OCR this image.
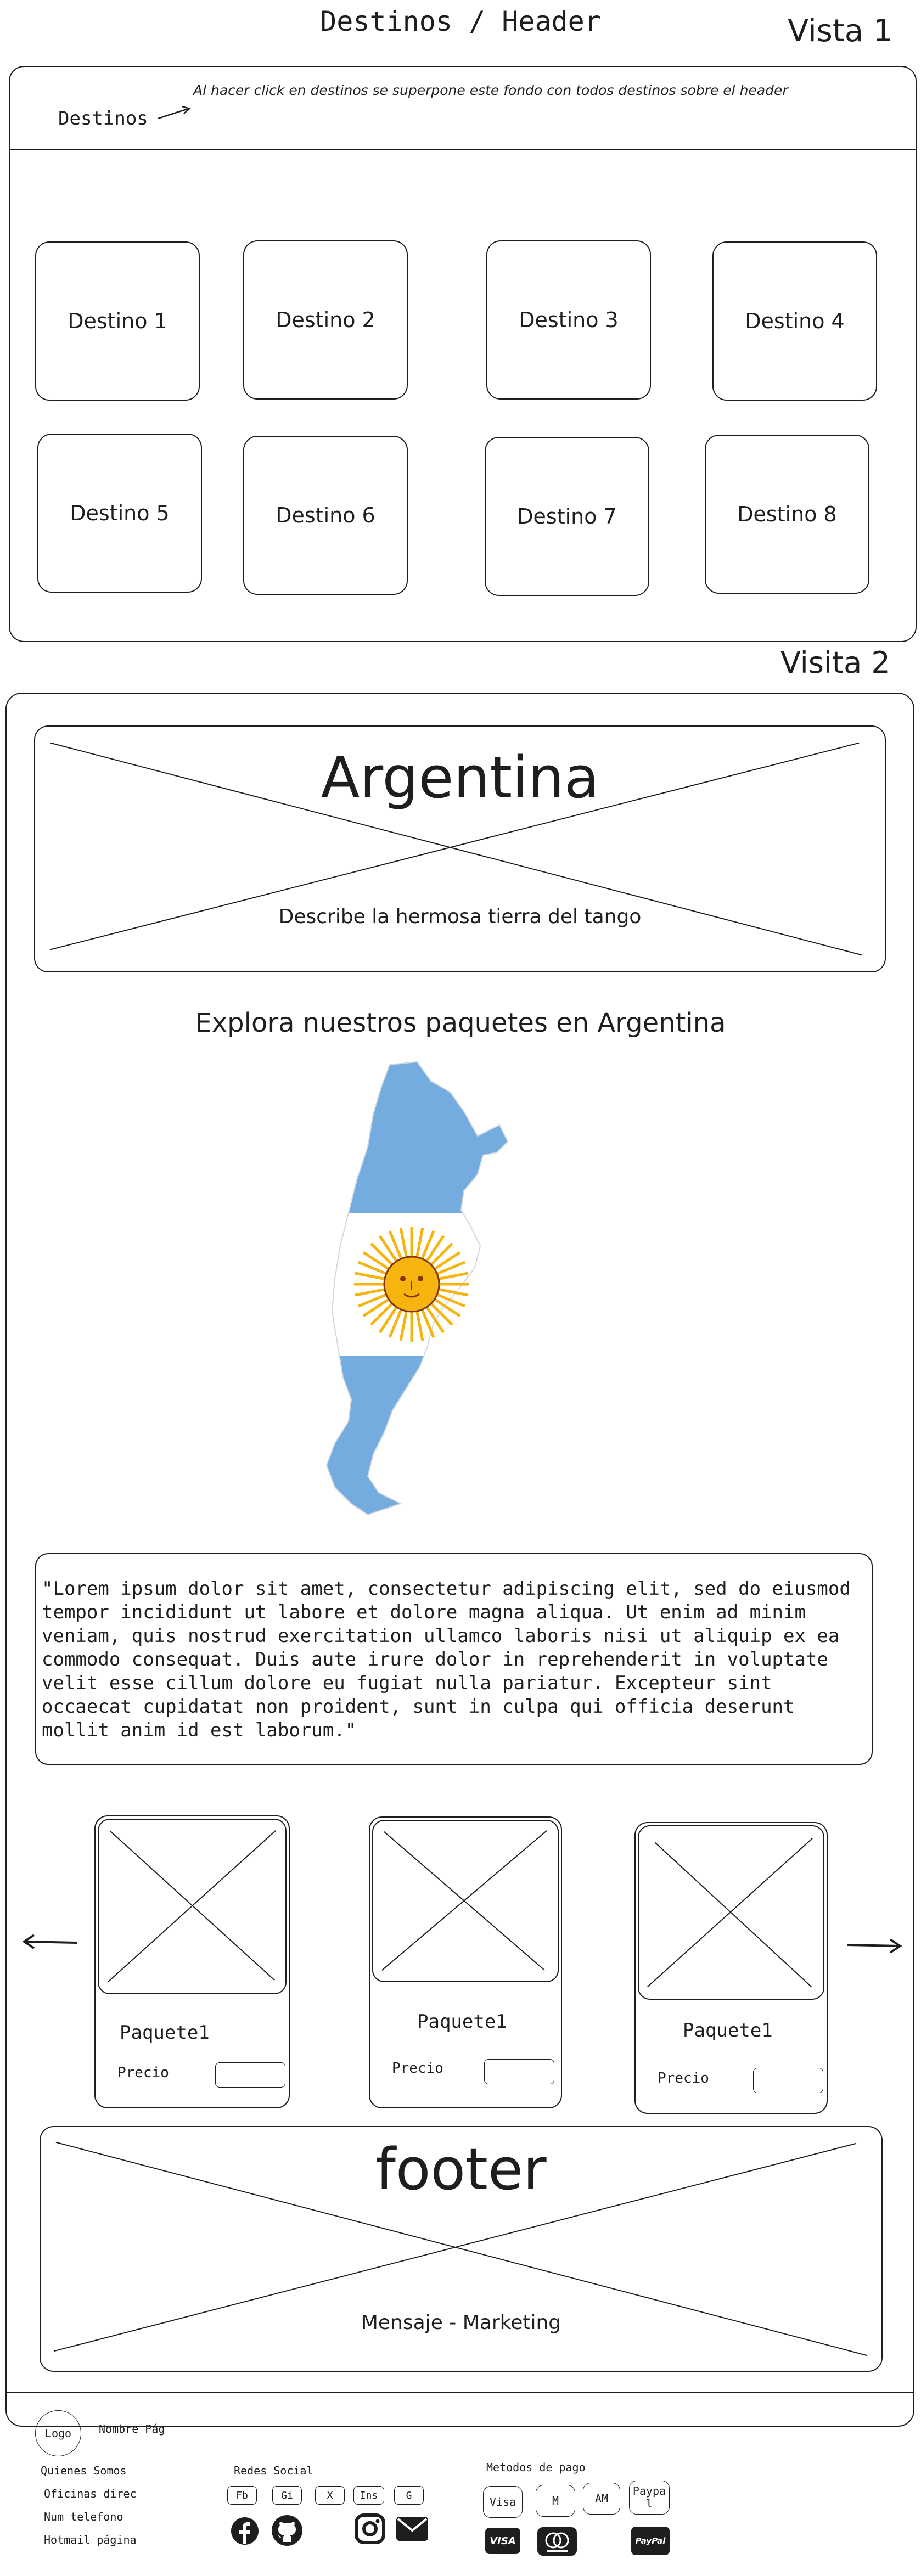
Destinos / Header	Vista 1
Destinos
Al hacer click en destinos se superpone este fondo con todos destinos sobre el header
Destino 1	Destino 2	Destino 3	Destino 4
Destino 5	Destino 6	Destino 7	Destino 8
Visita 2
Argentina
Describe la hermosa tierra del tango
Explora nuestros paquetes en Argentina
"Lorem ipsum dolor sit amet, consectetur adipiscing elit, sed do eiusmod tempor incididunt ut labore et dolore magna aliqua. Ut enim ad minim veniam, quis nostrud exercitation ullamco laboris nisi ut aliquip ex ea commodo consequat. Duis aute irure dolor in reprehenderit in voluptate velit esse cillum dolore eu fugiat nulla pariatur. Excepteur sint occaecat cupidatat non proident, sunt in culpa qui officia deserunt mollit anim id est laborum."
Paquete1
Precio
Paquete1
Precio
Paquete1
Precio
footer
Mensaje - Marketing
Logo Nombre Pág
Quienes Somos
Oficinas direc
Num telefono
Hotmail página
Redes Social
Fb	Gi	X	Ins	G
Metodos de pago
Visa	M	AM
Paypal
VISA	PayPal
